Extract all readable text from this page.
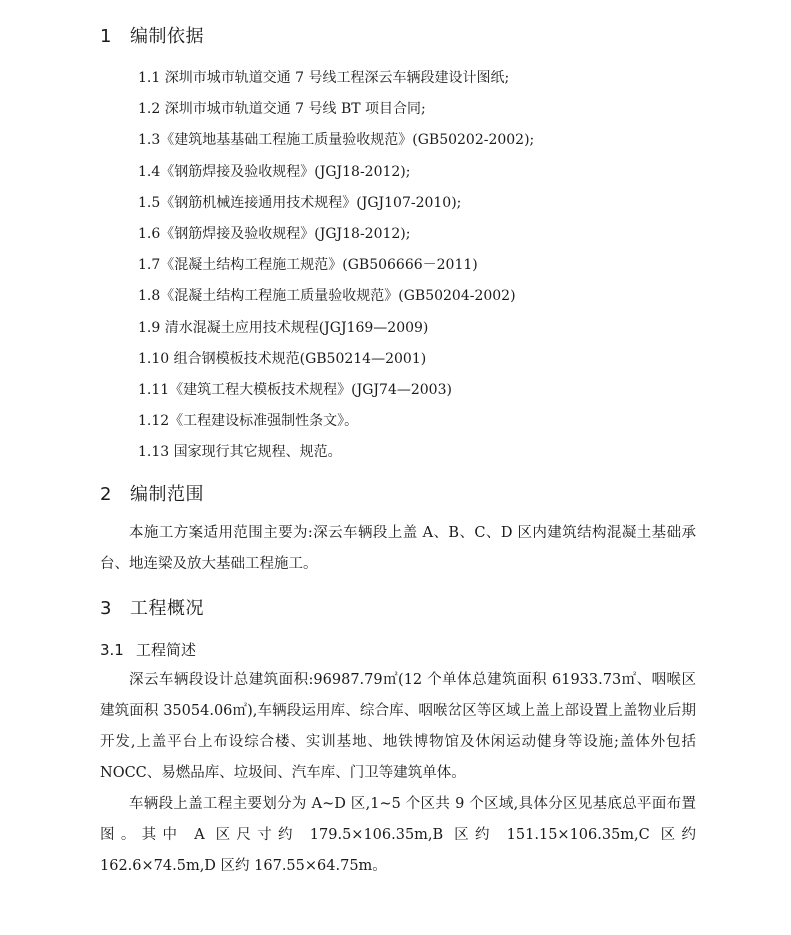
1 编制依据
1.1 深圳市城市轨道交通 7 号线工程深云车辆段建设计图纸;
1.2 深圳市城市轨道交通 7 号线 BT 项目合同;
1.3《建筑地基基础工程施工质量验收规范》(GB50202-2002);
1.4《钢筋焊接及验收规程》(JGJ18-2012);
1.5《钢筋机械连接通用技术规程》(JGJ107-2010);
1.6《钢筋焊接及验收规程》(JGJ18-2012);
1.7《混凝土结构工程施工规范》(GB506666－2011)
1.8《混凝土结构工程施工质量验收规范》(GB50204-2002)
1.9 清水混凝土应用技术规程(JGJ169—2009)
1.10 组合钢模板技术规范(GB50214—2001)
1.11《建筑工程大模板技术规程》(JGJ74—2003)
1.12《工程建设标准强制性条文》。
1.13 国家现行其它规程、规范。
2 编制范围

本施工方案适用范围主要为:深云车辆段上盖 A、B、C、D 区内建筑结构混凝土基础承台、地连梁及放大基础工程施工。

3 工程概况
3.1 工程简述

深云车辆段设计总建筑面积:96987.79㎡(12 个单体总建筑面积 61933.73㎡、咽喉区建筑面积 35054.06㎡),车辆段运用库、综合库、咽喉岔区等区域上盖上部设置上盖物业后期开发,上盖平台上布设综合楼、实训基地、地铁博物馆及休闲运动健身等设施;盖体外包括 NOCC、易燃品库、垃圾间、汽车库、门卫等建筑单体。

车辆段上盖工程主要划分为 A~D 区,1~5 个区共 9 个区域,具体分区见基底总平面布置图。其中 A 区尺寸约 179.5×106.35m,B 区约 151.15×106.35m,C 区约 162.6×74.5m,D 区约 167.55×64.75m。
